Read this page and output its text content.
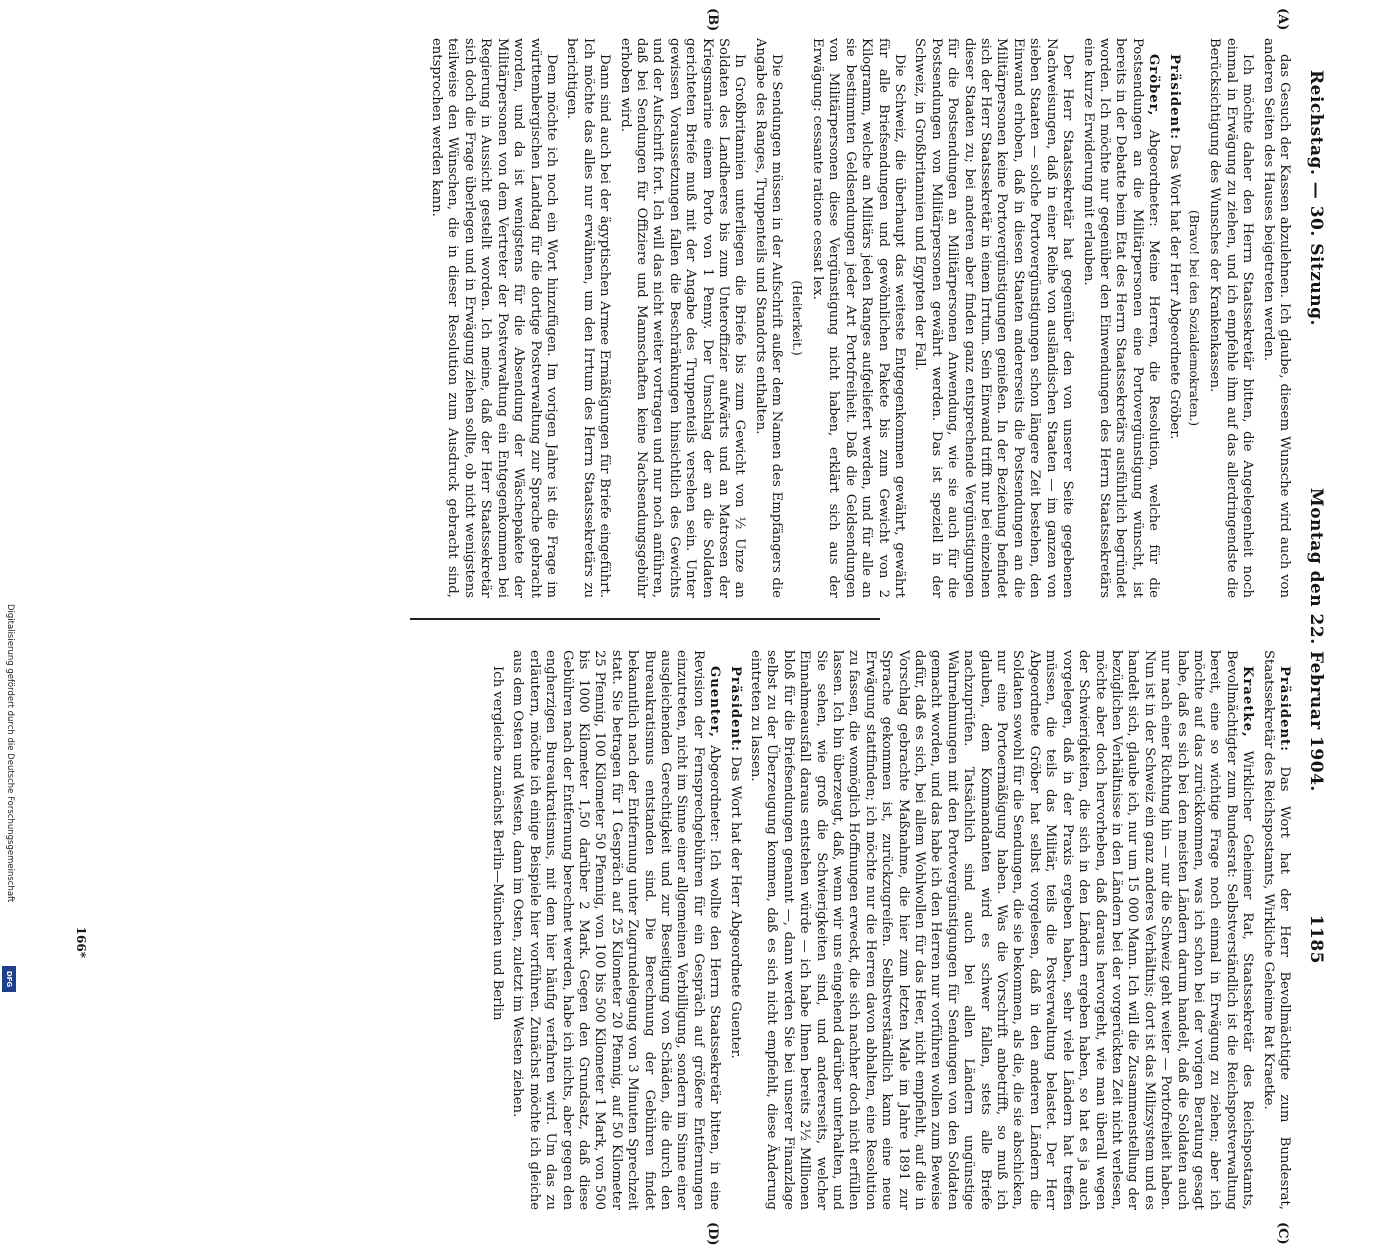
Reichstag. — 30. Sitzung.
Montag den 22. Februar 1904.  1185
(A)
(B)
(C)
(D)

das Gesuch der Kassen abzulehnen. Ich glaube, diesem Wunsche wird auch von anderen Seiten des Hauses beigetreten werden.

Ich möchte daher den Herrn Staatssekretär bitten, die Angelegenheit noch einmal in Erwägung zu ziehen, und ich empfehle ihm auf das allerdringendste die Berücksichtigung des Wunsches der Krankenkassen.

(Bravo! bei den Sozialdemokraten.)

Präsident: Das Wort hat der Herr Abgeordnete Gröber.

Gröber, Abgeordneter: Meine Herren, die Resolution, welche für die Postsendungen an die Militärpersonen eine Portovergünstigung wünscht, ist bereits in der Debatte beim Etat des Herrn Staatssekretärs ausführlich begründet worden. Ich möchte nur gegenüber den Einwendungen des Herrn Staatssekretärs eine kurze Erwiderung mit erlauben.

Der Herr Staatssekretär hat gegenüber den von unserer Seite gegebenen Nachweisungen, daß in einer Reihe von ausländischen Staaten — im ganzen von sieben Staaten — solche Portovergünstigungen schon längere Zeit bestehen, den Einwand erhoben, daß in diesen Staaten andererseits die Postsendungen an die Militärpersonen keine Portovergünstigungen genießen. In der Beziehung befindet sich der Herr Staatssekretär in einem Irrtum. Sein Einwand trifft nur bei einzelnen dieser Staaten zu; bei anderen aber finden ganz entsprechende Vergünstigungen für die Postsendungen an Militärpersonen Anwendung, wie sie auch für die Postsendungen von Militärpersonen gewährt werden. Das ist speziell in der Schweiz, in Großbritannien und Egypten der Fall.

Die Schweiz, die überhaupt das weiteste Entgegenkommen gewährt, gewährt für alle Briefsendungen und gewöhnlichen Pakete bis zum Gewicht von 2 Kilogramm, welche an Militärs jeden Ranges aufgeliefert werden, und für alle an sie bestimmten Geldsendungen jeder Art Portofreiheit. Daß die Geldsendungen von Militärpersonen diese Vergünstigung nicht haben, erklärt sich aus der Erwägung: cessante ratione cessat lex.

(Heiterkeit.)

Die Sendungen müssen in der Aufschrift außer dem Namen des Empfängers die Angabe des Ranges, Truppenteils und Standorts enthalten.

In Großbritannien unterliegen die Briefe bis zum Gewicht von ½ Unze an Soldaten des Landheeres bis zum Unteroffizier aufwärts und an Matrosen der Kriegsmarine einem Porto von 1 Penny. Der Umschlag der an die Soldaten gerichteten Briefe muß mit der Angabe des Truppenteils versehen sein. Unter gewissen Voraussetzungen fallen die Beschränkungen hinsichtlich des Gewichts und der Aufschrift fort. Ich will das nicht weiter vortragen und nur noch anführen, daß bei Sendungen für Offiziere und Mannschaften keine Nachsendungsgebühr erhoben wird.

Dann sind auch bei der ägyptischen Armee Ermäßigungen für Briefe eingeführt. Ich möchte das alles nur erwähnen, um den Irrtum des Herrn Staatssekretärs zu berichtigen.

Dem möchte ich noch ein Wort hinzufügen. Im vorigen Jahre ist die Frage im württembergischen Landtag für die dortige Postverwaltung zur Sprache gebracht worden, und da ist wenigstens für die Absendung der Wäschepakete der Militärpersonen von dem Vertreter der Postverwaltung ein Entgegenkommen bei Regierung in Aussicht gestellt worden. Ich meine, daß der Herr Staatssekretär sich doch die Frage überlegen und in Erwägung ziehen sollte, ob nicht wenigstens teilweise den Wünschen, die in dieser Resolution zum Ausdruck gebracht sind, entsprochen werden kann.

Präsident: Das Wort hat der Herr Bevollmächtigte zum Bundesrat, Staatssekretär des Reichspostamts, Wirkliche Geheime Rat Kraetke.

Kraetke, Wirklicher Geheimer Rat, Staatssekretär des Reichspostamts, Bevollmächtigter zum Bundesrat: Selbstverständlich ist die Reichspostverwaltung bereit, eine so wichtige Frage noch einmal in Erwägung zu ziehen; aber ich möchte auf das zurückkommen, was ich schon bei der vorigen Beratung gesagt habe, daß es sich bei den meisten Ländern darum handelt, daß die Soldaten auch nur nach einer Richtung hin — nur die Schweiz geht weiter — Portofreiheit haben. Nun ist in der Schweiz ein ganz anderes Verhältnis; dort ist das Milizsystem und es handelt sich, glaube ich, nur um 15 000 Mann. Ich will die Zusammenstellung der bezüglichen Verhältnisse in den Ländern bei der vorgerückten Zeit nicht verlesen, möchte aber doch hervorheben, daß daraus hervorgeht, wie man überall wegen der Schwierigkeiten, die sich in den Ländern ergeben haben, so hat es ja auch vorgelegen, daß in der Praxis ergeben haben, sehr viele Ländern hat treffen müssen, die teils das Militär, teils die Postverwaltung belastet. Der Herr Abgeordnete Gröber hat selbst vorgelesen, daß in den anderen Ländern die Soldaten sowohl für die Sendungen, die sie bekommen, als die, die sie abschicken, nur eine Portoermäßigung haben. Was die Vorschrift anbetrifft, so muß ich glauben, dem Kommandanten wird es schwer fallen, stets alle Briefe nachzuprüfen. Tatsächlich sind auch bei allen Ländern ungünstige Wahrnehmungen mit den Portovergünstigungen für Sendungen von den Soldaten gemacht worden, und das habe ich den Herren nur vorführen wollen zum Beweise dafür, daß es sich, bei allem Wohlwollen für das Heer, nicht empfiehlt, auf die in Vorschlag gebrachte Maßnahme, die hier zum letzten Male im Jahre 1891 zur Sprache gekommen ist, zurückzugreifen. Selbstverständlich kann eine neue Erwägung stattfinden; ich möchte nur die Herren davon abhalten, eine Resolution zu fassen, die womöglich Hoffnungen erweckt, die sich nachher doch nicht erfüllen lassen. Ich bin überzeugt, daß, wenn wir uns eingehend darüber unterhalten, und Sie sehen, wie groß die Schwierigkeiten sind, und andererseits, welcher Einnahmeausfall daraus entstehen würde — ich habe Ihnen bereits 2½ Millionen bloß für die Briefsendungen genannt —, dann werden Sie bei unserer Finanzlage selbst zu der Überzeugung kommen, daß es sich nicht empfiehlt, diese Änderung eintreten zu lassen.

Präsident: Das Wort hat der Herr Abgeordnete Guenter.

Guenter, Abgeordneter: Ich wollte den Herrn Staatssekretär bitten, in eine Revision der Fernsprechgebühren für ein Gespräch auf größere Entfernungen einzutreten, nicht im Sinne einer allgemeinen Verbilligung, sondern im Sinne einer ausgleichenden Gerechtigkeit und zur Beseitigung von Schäden, die durch den Bureaukratismus entstanden sind. Die Berechnung der Gebühren findet bekanntlich nach der Entfernung unter Zugrundelegung von 3 Minuten Sprechzeit statt. Sie betragen für 1 Gespräch auf 25 Kilometer 20 Pfennig, auf 50 Kilometer 25 Pfennig, 100 Kilometer 50 Pfennig, von 100 bis 500 Kilometer 1 Mark, von 500 bis 1000 Kilometer 1,50 darüber 2 Mark. Gegen den Grundsatz, daß diese Gebühren nach der Entfernung berechnet werden, habe ich nichts, aber gegen den engherzigen Bureaukratismus, mit dem hier häufig verfahren wird. Um das zu erläutern, möchte ich einige Beispiele hier vorführen. Zunächst möchte ich gleiche aus dem Osten und Westen, dann im Osten, zuletzt im Westen ziehen.

Ich vergleiche zunächst Berlin—München und Berlin

166*
Digitalisierung gefördert durch die Deutsche Forschungsgemeinschaft
DFG
